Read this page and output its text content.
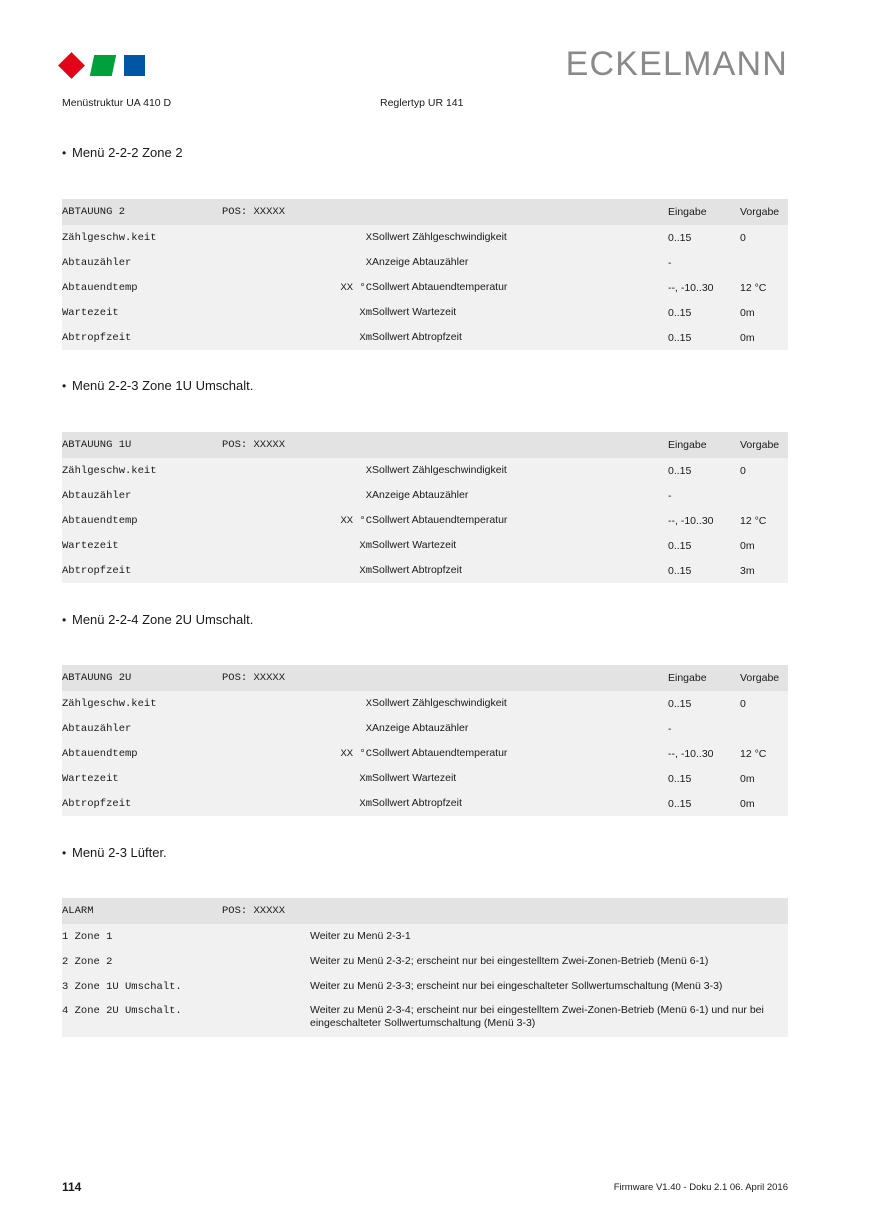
ECKELMANN
Menüstruktur UA 410 D	Reglertyp UR 141
• Menü 2-2-2 Zone 2
ABTAUUNG 2	POS: XXXXX			Eingabe	Vorgabe
Zählgeschw.keit		X	Sollwert Zählgeschwindigkeit	0..15	0
Abtauzähler		X	Anzeige Abtauzähler	-	
Abtauendtemp		XX °C	Sollwert Abtauendtemperatur	--, -10..30	12 °C
Wartezeit		Xm	Sollwert Wartezeit	0..15	0m
Abtropfzeit		Xm	Sollwert Abtropfzeit	0..15	0m
• Menü 2-2-3 Zone 1U Umschalt.
ABTAUUNG 1U	POS: XXXXX			Eingabe	Vorgabe
Zählgeschw.keit		X	Sollwert Zählgeschwindigkeit	0..15	0
Abtauzähler		X	Anzeige Abtauzähler	-	
Abtauendtemp		XX °C	Sollwert Abtauendtemperatur	--, -10..30	12 °C
Wartezeit		Xm	Sollwert Wartezeit	0..15	0m
Abtropfzeit		Xm	Sollwert Abtropfzeit	0..15	3m
• Menü 2-2-4 Zone 2U Umschalt.
ABTAUUNG 2U	POS: XXXXX			Eingabe	Vorgabe
Zählgeschw.keit		X	Sollwert Zählgeschwindigkeit	0..15	0
Abtauzähler		X	Anzeige Abtauzähler	-	
Abtauendtemp		XX °C	Sollwert Abtauendtemperatur	--, -10..30	12 °C
Wartezeit		Xm	Sollwert Wartezeit	0..15	0m
Abtropfzeit		Xm	Sollwert Abtropfzeit	0..15	0m
• Menü 2-3 Lüfter.
ALARM	POS: XXXXX	
1 Zone 1		Weiter zu Menü 2-3-1
2 Zone 2		Weiter zu Menü 2-3-2; erscheint nur bei eingestelltem Zwei-Zonen-Betrieb (Menü 6-1)
3 Zone 1U Umschalt.		Weiter zu Menü 2-3-3; erscheint nur bei eingeschalteter Sollwertumschaltung (Menü 3-3)
4 Zone 2U Umschalt.		Weiter zu Menü 2-3-4; erscheint nur bei eingestelltem Zwei-Zonen-Betrieb (Menü 6-1) und nur bei eingeschalteter Sollwertumschaltung (Menü 3-3)
114	Firmware V1.40 - Doku 2.1 06. April 2016
